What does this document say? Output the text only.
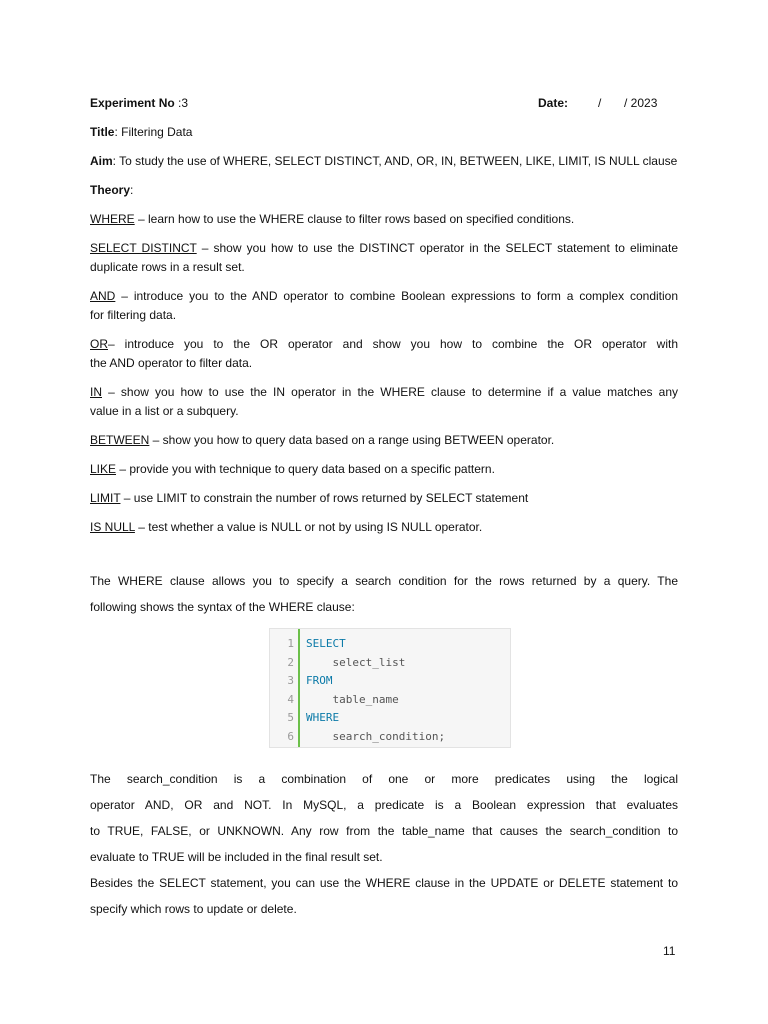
Experiment No :3	Date: / / 2023
Title: Filtering Data
Aim: To study the use of WHERE, SELECT DISTINCT, AND, OR, IN, BETWEEN, LIKE, LIMIT, IS NULL clause
Theory:
WHERE – learn how to use the WHERE clause to filter rows based on specified conditions.
SELECT DISTINCT – show you how to use the DISTINCT operator in the SELECT statement to eliminate
duplicate rows in a result set.
AND – introduce you to the AND operator to combine Boolean expressions to form a complex condition
for filtering data.
OR– introduce you to the OR operator and show you how to combine the OR operator with
the AND operator to filter data.
IN – show you how to use the IN operator in the WHERE clause to determine if a value matches any
value in a list or a subquery.
BETWEEN – show you how to query data based on a range using BETWEEN operator.
LIKE – provide you with technique to query data based on a specific pattern.
LIMIT – use LIMIT to constrain the number of rows returned by SELECT statement
IS NULL – test whether a value is NULL or not by using IS NULL operator.
The WHERE clause allows you to specify a search condition for the rows returned by a query. The
following shows the syntax of the WHERE clause:
1 SELECT
2 select_list
3 FROM
4 table_name
5 WHERE
6 search_condition;
The search_condition is a combination of one or more predicates using the logical
operator AND, OR and NOT. In MySQL, a predicate is a Boolean expression that evaluates
to TRUE, FALSE, or UNKNOWN. Any row from the table_name that causes the search_condition to
evaluate to TRUE will be included in the final result set.
Besides the SELECT statement, you can use the WHERE clause in the UPDATE or DELETE statement to
specify which rows to update or delete.
11
